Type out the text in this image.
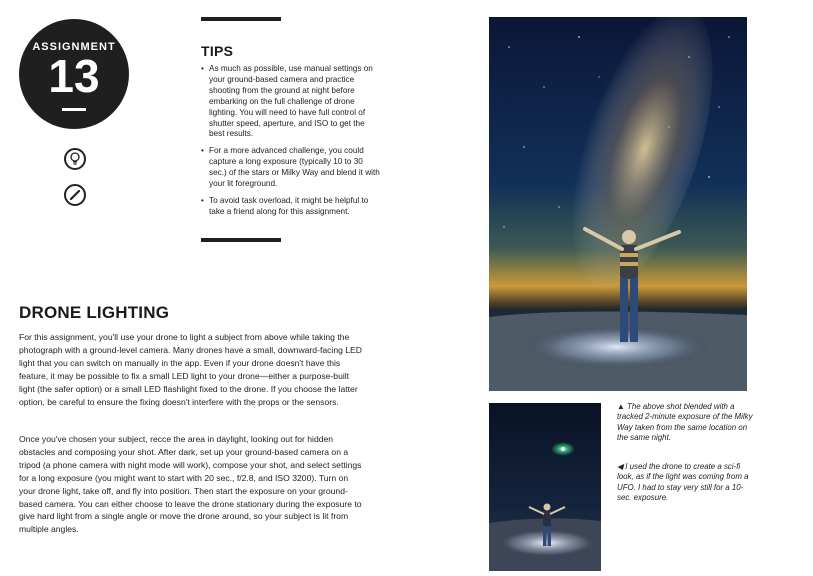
ASSIGNMENT
13	TIPS
• As much as possible, use manual settings on your ground-based camera and practice shooting from the ground at night before embarking on the full challenge of drone lighting. You will need to have full control of shutter speed, aperture, and ISO to get the best results.
• For a more advanced challenge, you could capture a long exposure (typically 10 to 30 sec.) of the stars or Milky Way and blend it with your lit foreground.
• To avoid task overload, it might be helpful to take a friend along for this assignment.
DRONE LIGHTING

For this assignment, you'll use your drone to light a subject from above while taking the photograph with a ground-level camera. Many drones have a small, downward-facing LED light that you can switch on manually in the app. Even if your drone doesn't have this feature, it may be possible to fix a small LED light to your drone—either a purpose-built light (the safer option) or a small LED flashlight fixed to the drone. If you choose the latter option, be careful to ensure the fixing doesn't interfere with the props or the sensors.

Once you've chosen your subject, recce the area in daylight, looking out for hidden obstacles and composing your shot. After dark, set up your ground-based camera on a tripod (a phone camera with night mode will work), compose your shot, and select settings for a long exposure (you might want to start with 20 sec., f/2.8, and ISO 3200). Turn on your drone light, take off, and fly into position. Then start the exposure on your ground-based camera. You can either choose to leave the drone stationary during the exposure to give hard light from a single angle or move the drone around, so your subject is lit from multiple angles.

▲ The above shot blended with a tracked 2-minute exposure of the Milky Way taken from the same location on the same night.
◀ I used the drone to create a sci-fi look, as if the light was coming from a UFO. I had to stay very still for a 10-sec. exposure.
